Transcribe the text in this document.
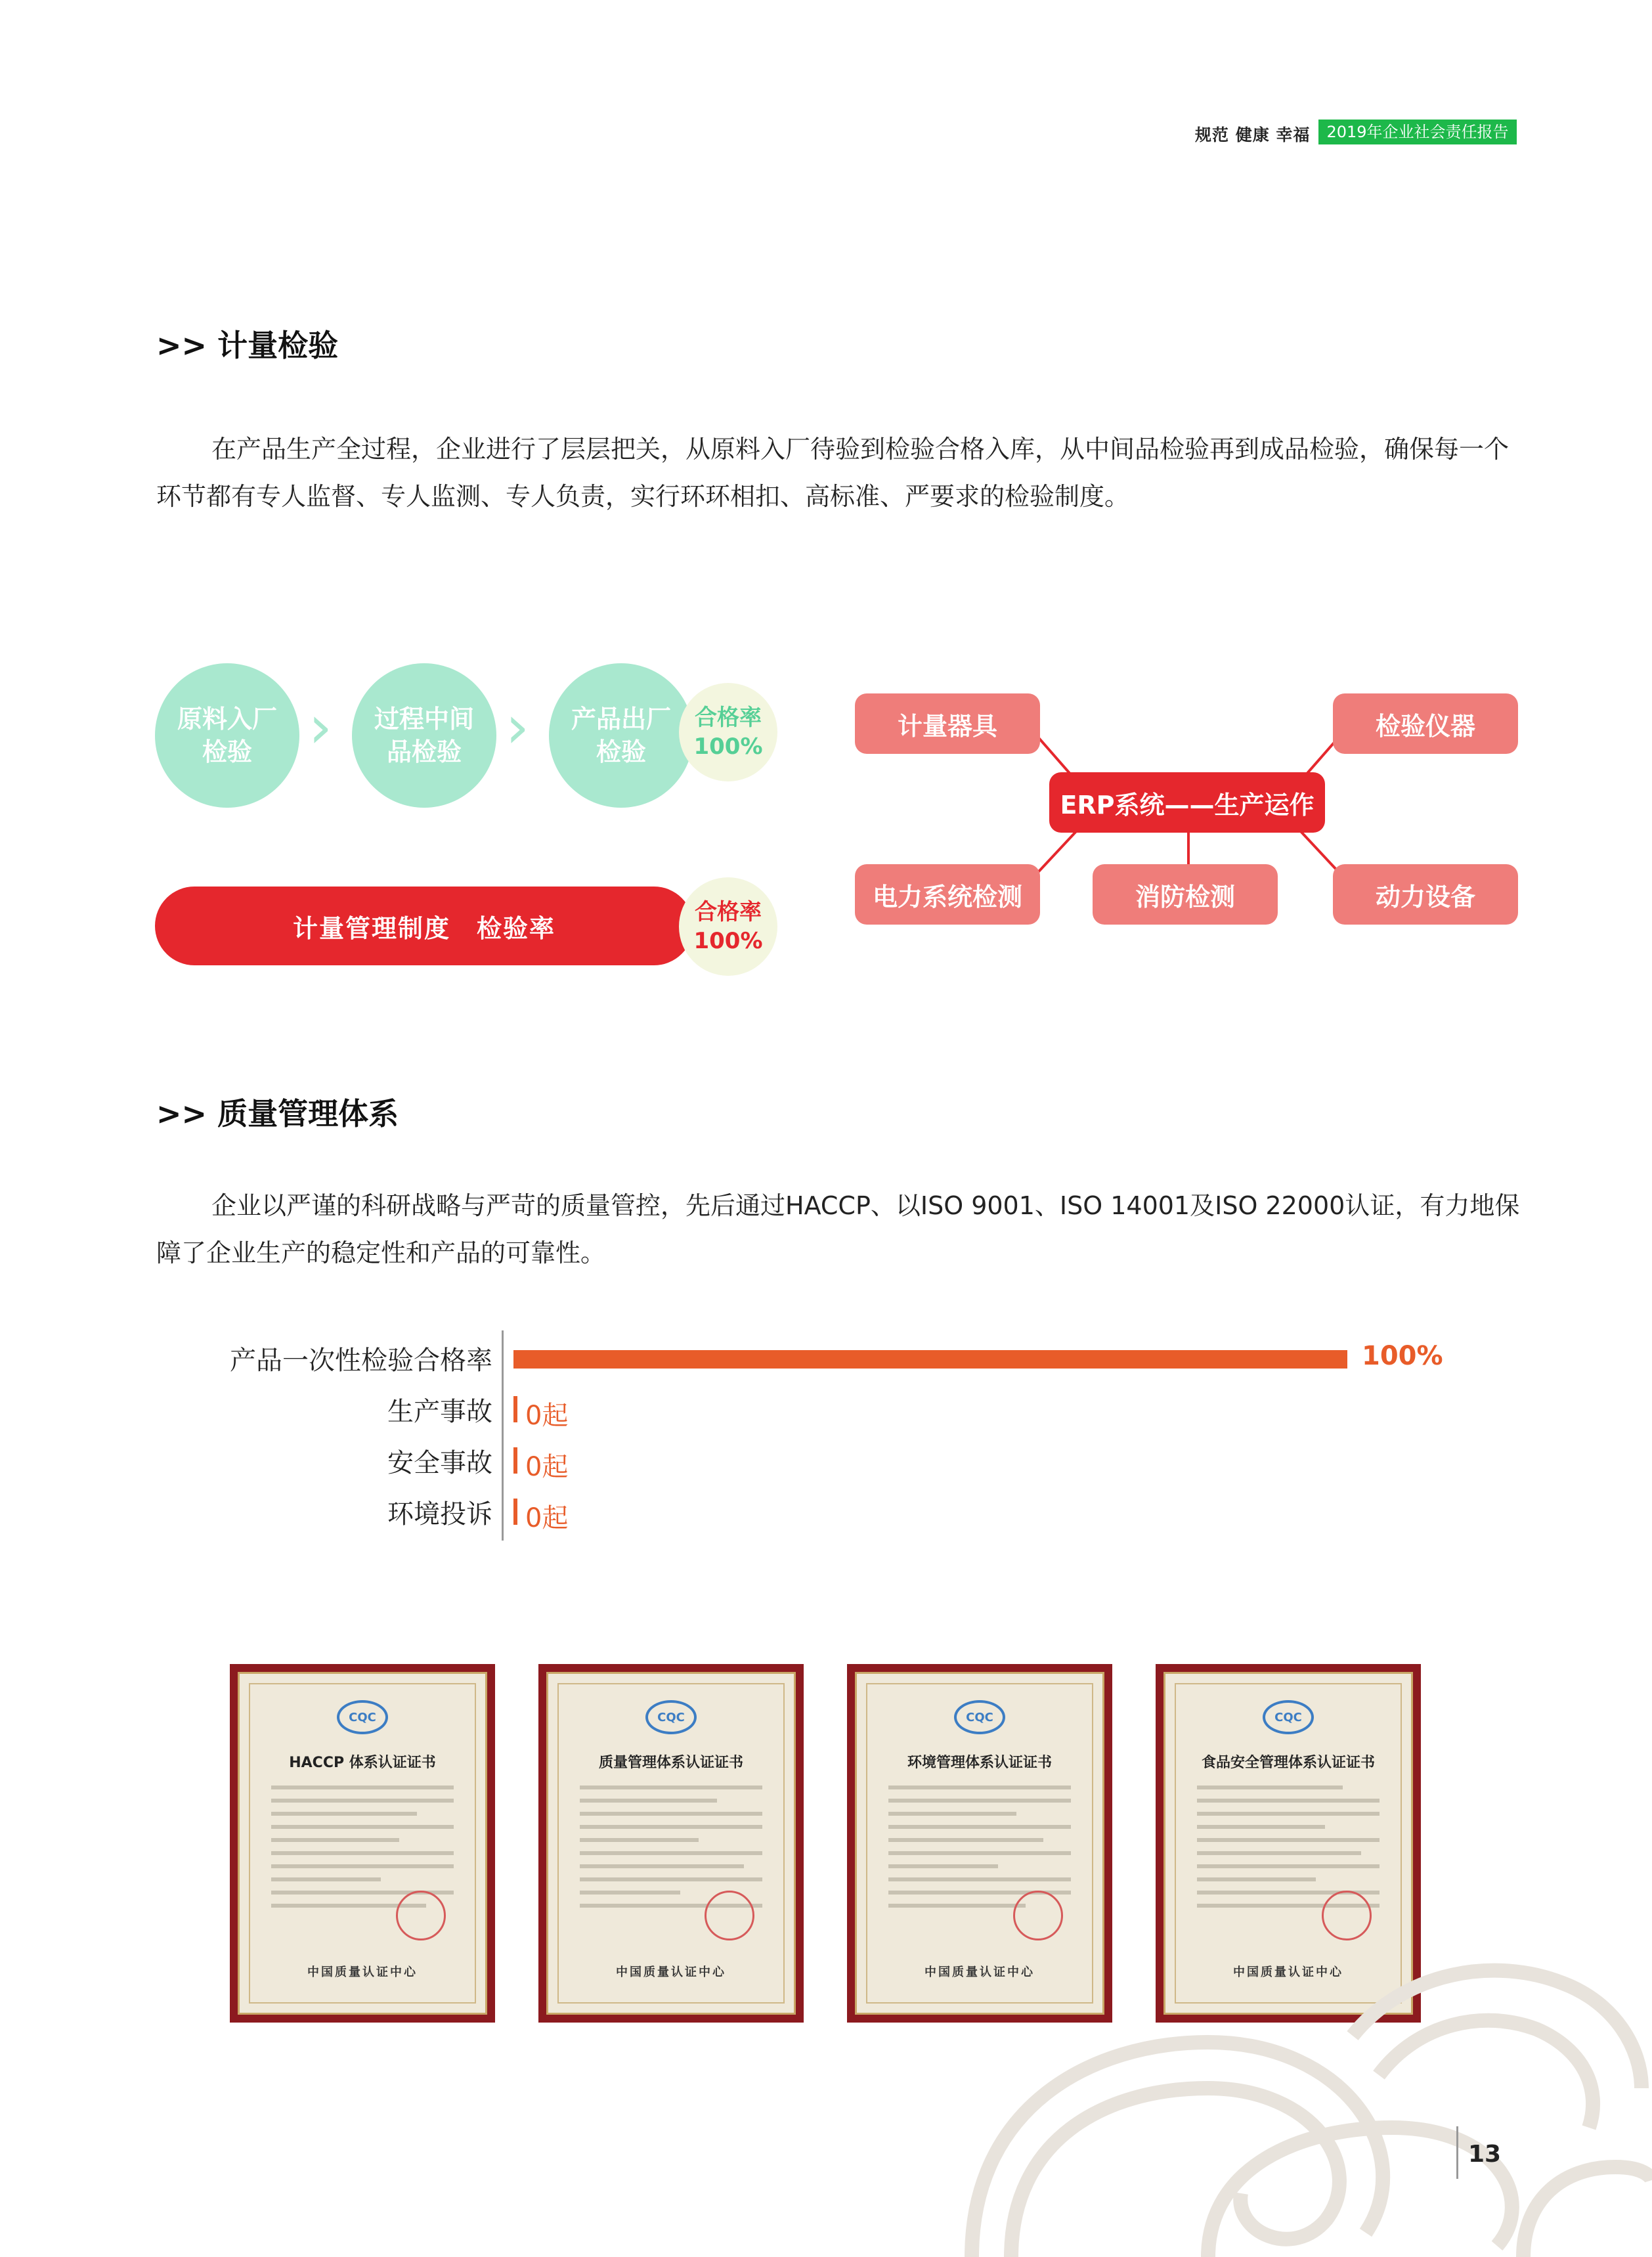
规范 健康 幸福	2019年企业社会责任报告
>> 计量检验
在产品生产全过程，企业进行了层层把关，从原料入厂待验到检验合格入库，从中间品检验再到成品检验，确保每一个环节都有专人监督、专人监测、专人负责，实行环环相扣、高标准、严要求的检验制度。
原料入厂检验 ›	过程中间品检验 ›	产品出厂检验
合格率100%
计量管理制度　检验率
合格率100%
计量器具	检验仪器
ERP系统——生产运作
电力系统检测	消防检测	动力设备
>> 质量管理体系
企业以严谨的科研战略与严苛的质量管控，先后通过HACCP、以ISO 9001、ISO 14001及ISO 22000认证，有力地保障了企业生产的稳定性和产品的可靠性。
CQC
HACCP 体系认证证书
中国质量认证中心
CQC
质量管理体系认证证书
中国质量认证中心
CQC
环境管理体系认证证书
中国质量认证中心
CQC
食品安全管理体系认证证书
中国质量认证中心
13
产品一次性检验合格率	100%
生产事故 0起
安全事故 0起
环境投诉 0起
